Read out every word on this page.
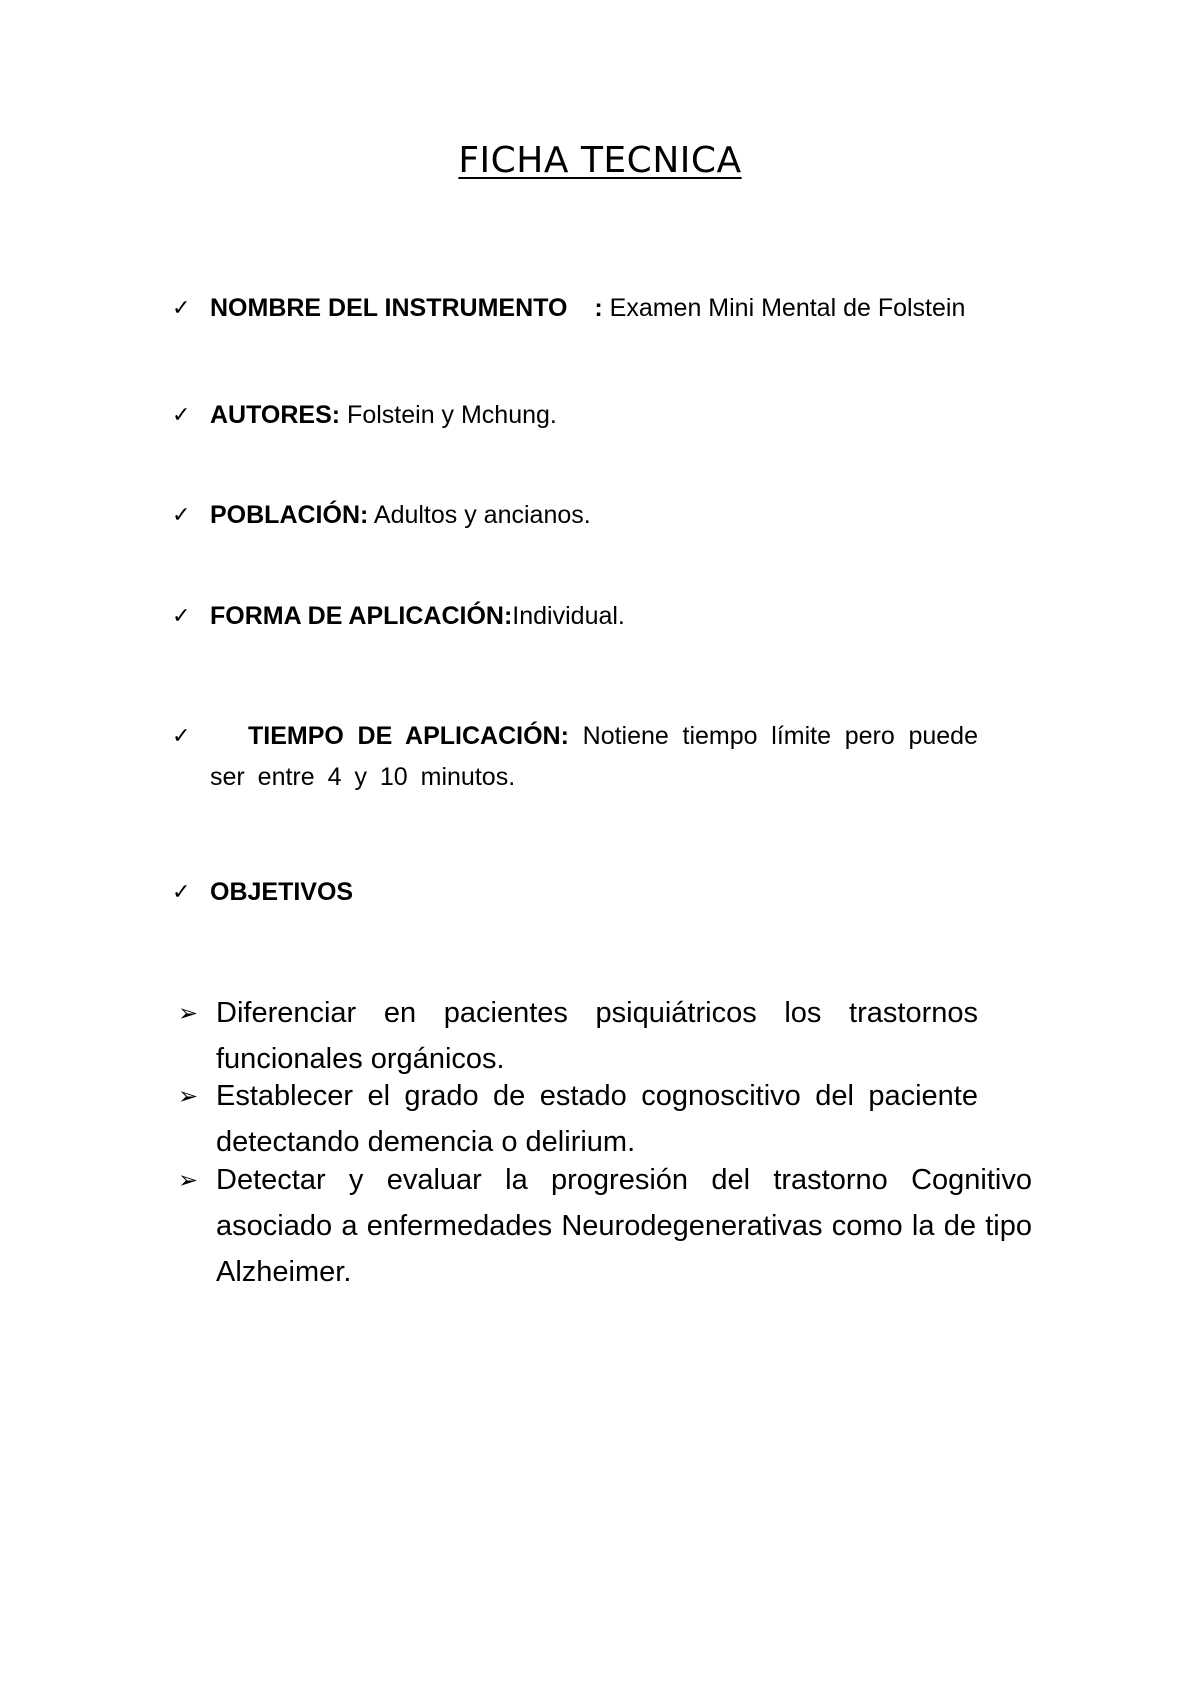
FICHA TECNICA
✓ NOMBRE DEL INSTRUMENTO : Examen Mini Mental de Folstein
✓ AUTORES: Folstein y Mchung.
✓ POBLACIÓN: Adultos y ancianos.
✓ FORMA DE APLICACIÓN:Individual.
✓	TIEMPO DE APLICACIÓN: Notiene tiempo límite pero puede ser entre 4 y 10 minutos.
✓ OBJETIVOS
➢ Diferenciar en pacientes psiquiátricos los trastornos funcionales orgánicos.
➢ Establecer el grado de estado cognoscitivo del paciente detectando demencia o delirium.
➢ Detectar y evaluar la progresión del trastorno Cognitivo asociado a enfermedades Neurodegenerativas como la de tipo Alzheimer.
